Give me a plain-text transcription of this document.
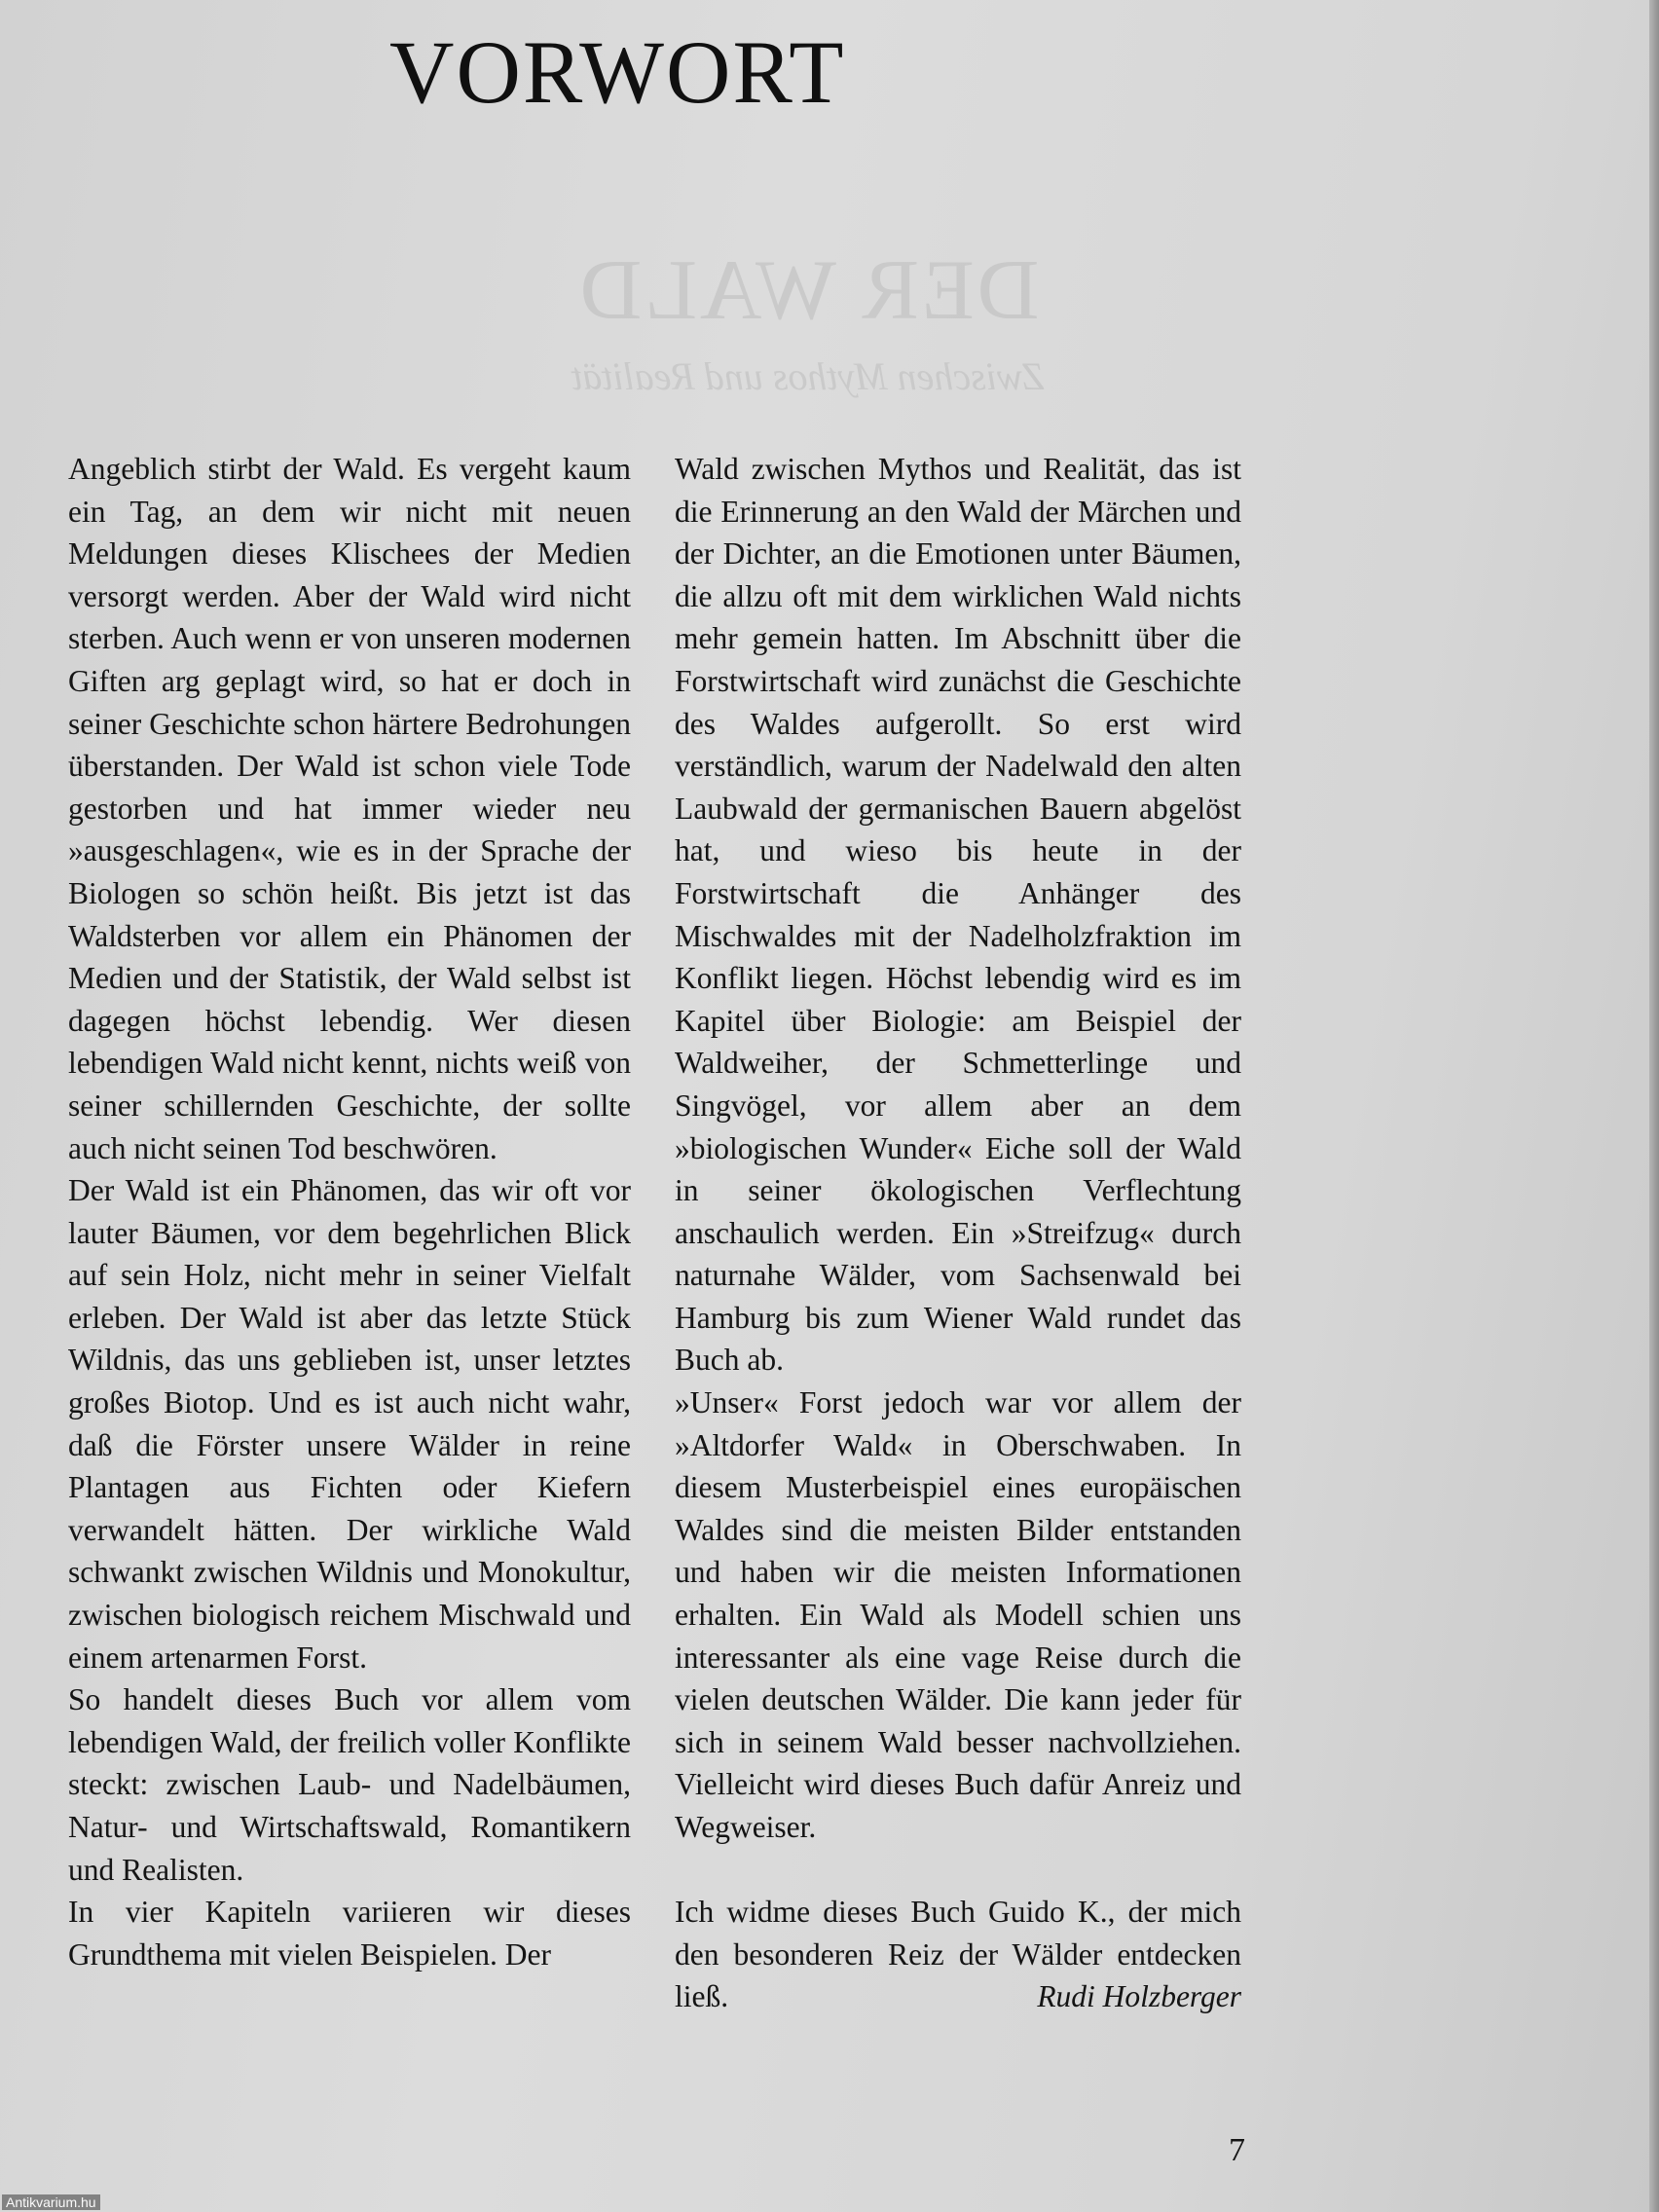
DER WALD
Zwischen Mythos und Realität
VORWORT

Angeblich stirbt der Wald. Es vergeht kaum ein Tag, an dem wir nicht mit neuen Meldungen dieses Klischees der Medien versorgt werden. Aber der Wald wird nicht sterben. Auch wenn er von unseren modernen Giften arg geplagt wird, so hat er doch in seiner Geschichte schon härtere Bedrohungen überstanden. Der Wald ist schon viele Tode gestorben und hat immer wieder neu »ausgeschlagen«, wie es in der Sprache der Biologen so schön heißt. Bis jetzt ist das Waldsterben vor allem ein Phänomen der Medien und der Statistik, der Wald selbst ist dagegen höchst lebendig. Wer diesen lebendigen Wald nicht kennt, nichts weiß von seiner schillernden Geschichte, der sollte auch nicht seinen Tod beschwören.

Der Wald ist ein Phänomen, das wir oft vor lauter Bäumen, vor dem begehrlichen Blick auf sein Holz, nicht mehr in seiner Vielfalt erleben. Der Wald ist aber das letzte Stück Wildnis, das uns geblieben ist, unser letztes großes Biotop. Und es ist auch nicht wahr, daß die Förster unsere Wälder in reine Plantagen aus Fichten oder Kiefern verwandelt hätten. Der wirkliche Wald schwankt zwischen Wildnis und Monokultur, zwischen biologisch reichem Mischwald und einem artenarmen Forst.

So handelt dieses Buch vor allem vom lebendigen Wald, der freilich voller Konflikte steckt: zwischen Laub- und Nadelbäumen, Natur- und Wirtschaftswald, Romantikern und Realisten.

In vier Kapiteln variieren wir dieses Grundthema mit vielen Beispielen. Der

Wald zwischen Mythos und Realität, das ist die Erinnerung an den Wald der Märchen und der Dichter, an die Emotionen unter Bäumen, die allzu oft mit dem wirklichen Wald nichts mehr gemein hatten. Im Abschnitt über die Forstwirtschaft wird zunächst die Geschichte des Waldes aufgerollt. So erst wird verständlich, warum der Nadelwald den alten Laubwald der germanischen Bauern abgelöst hat, und wieso bis heute in der Forstwirtschaft die Anhänger des Mischwaldes mit der Nadelholzfraktion im Konflikt liegen. Höchst lebendig wird es im Kapitel über Biologie: am Beispiel der Waldweiher, der Schmetterlinge und Singvögel, vor allem aber an dem »biologischen Wunder« Eiche soll der Wald in seiner ökologischen Verflechtung anschaulich werden. Ein »Streifzug« durch naturnahe Wälder, vom Sachsenwald bei Hamburg bis zum Wiener Wald rundet das Buch ab.

»Unser« Forst jedoch war vor allem der »Altdorfer Wald« in Oberschwaben. In diesem Musterbeispiel eines europäischen Waldes sind die meisten Bilder entstanden und haben wir die meisten Informationen erhalten. Ein Wald als Modell schien uns interessanter als eine vage Reise durch die vielen deutschen Wälder. Die kann jeder für sich in seinem Wald besser nachvollziehen. Vielleicht wird dieses Buch dafür Anreiz und Wegweiser.

Ich widme dieses Buch Guido K., der mich den besonderen Reiz der Wälder entdecken ließ.	Rudi Holzberger

7
Antikvarium.hu
